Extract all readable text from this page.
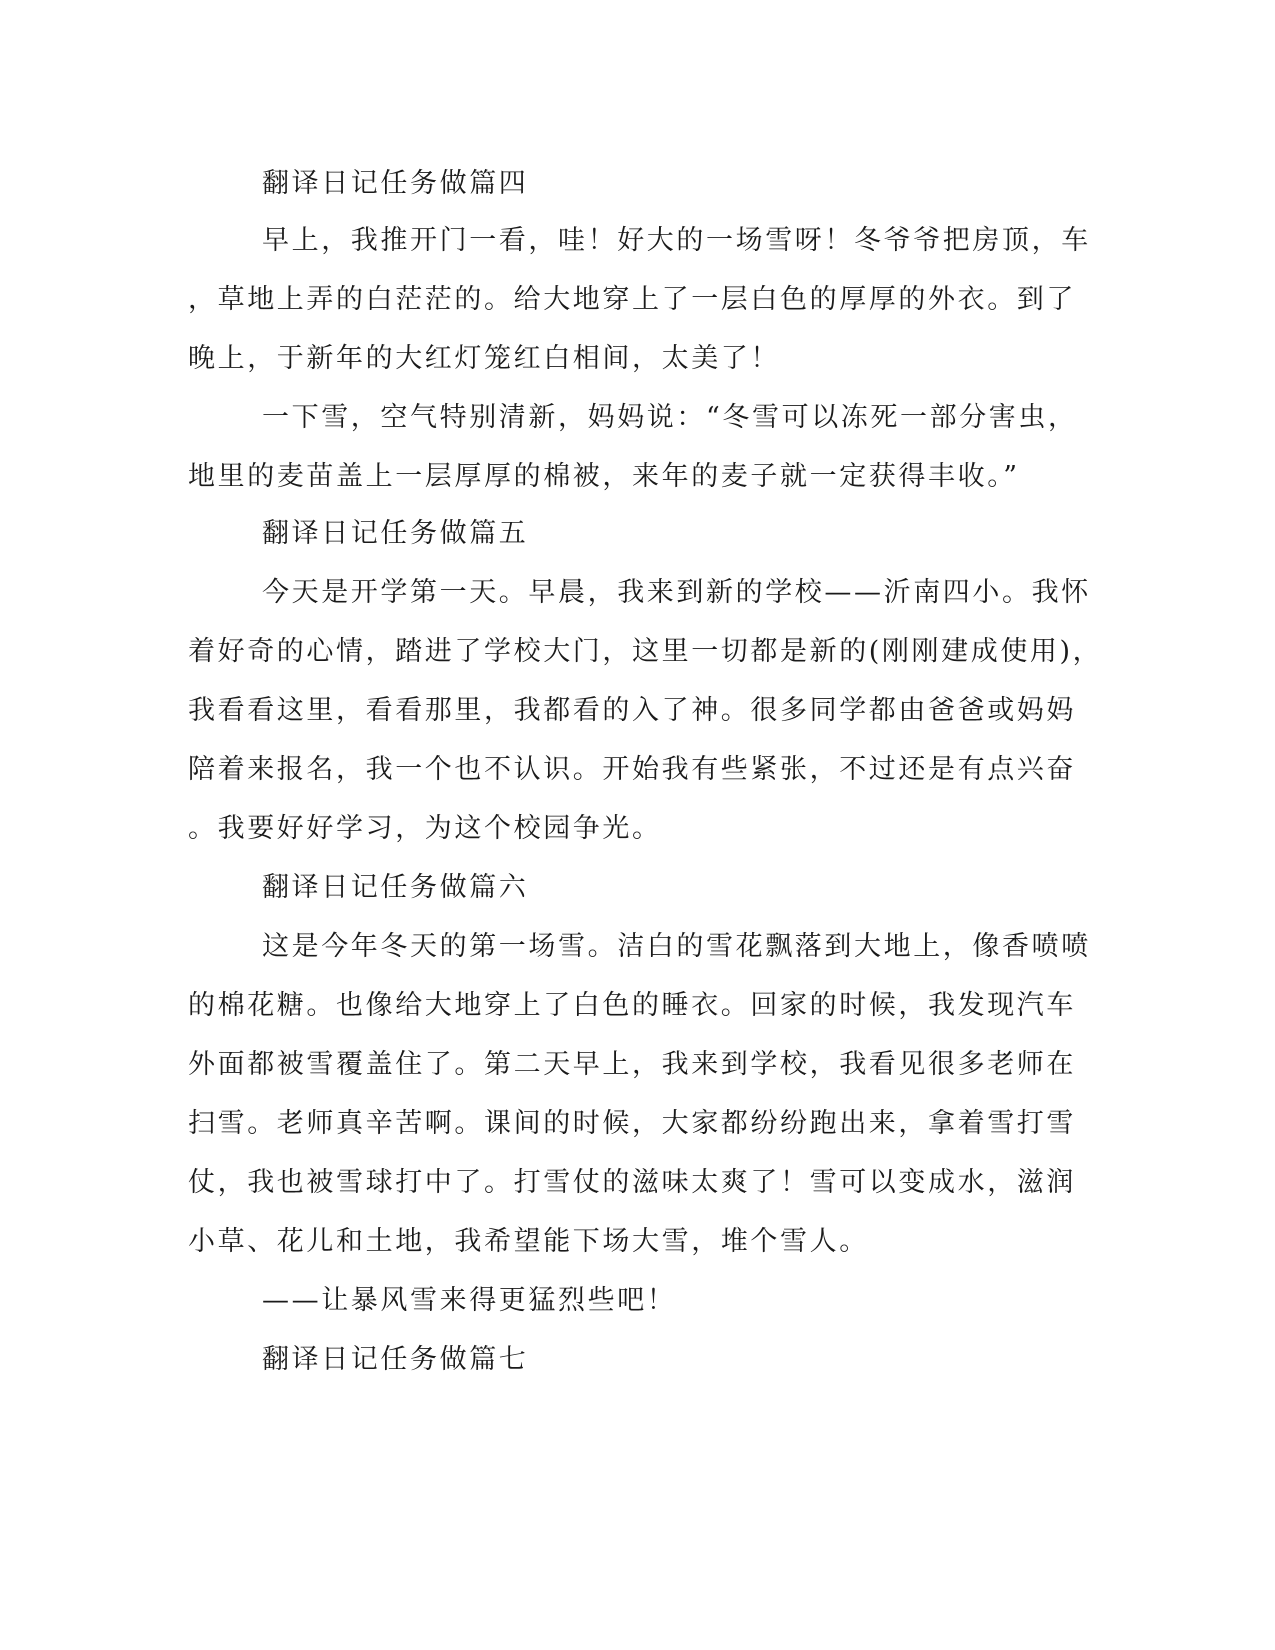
翻译日记任务做篇四
早上，我推开门一看，哇！好大的一场雪呀！冬爷爷把房顶，车
，草地上弄的白茫茫的。给大地穿上了一层白色的厚厚的外衣。到了
晚上，于新年的大红灯笼红白相间，太美了！
一下雪，空气特别清新，妈妈说：“冬雪可以冻死一部分害虫，
地里的麦苗盖上一层厚厚的棉被，来年的麦子就一定获得丰收。”
翻译日记任务做篇五
今天是开学第一天。早晨，我来到新的学校——沂南四小。我怀
着好奇的心情，踏进了学校大门，这里一切都是新的(刚刚建成使用)，
我看看这里，看看那里，我都看的入了神。很多同学都由爸爸或妈妈
陪着来报名，我一个也不认识。开始我有些紧张，不过还是有点兴奋
。我要好好学习，为这个校园争光。
翻译日记任务做篇六
这是今年冬天的第一场雪。洁白的雪花飘落到大地上，像香喷喷
的棉花糖。也像给大地穿上了白色的睡衣。回家的时候，我发现汽车
外面都被雪覆盖住了。第二天早上，我来到学校，我看见很多老师在
扫雪。老师真辛苦啊。课间的时候，大家都纷纷跑出来，拿着雪打雪
仗，我也被雪球打中了。打雪仗的滋味太爽了！雪可以变成水，滋润
小草、花儿和土地，我希望能下场大雪，堆个雪人。
——让暴风雪来得更猛烈些吧！
翻译日记任务做篇七
